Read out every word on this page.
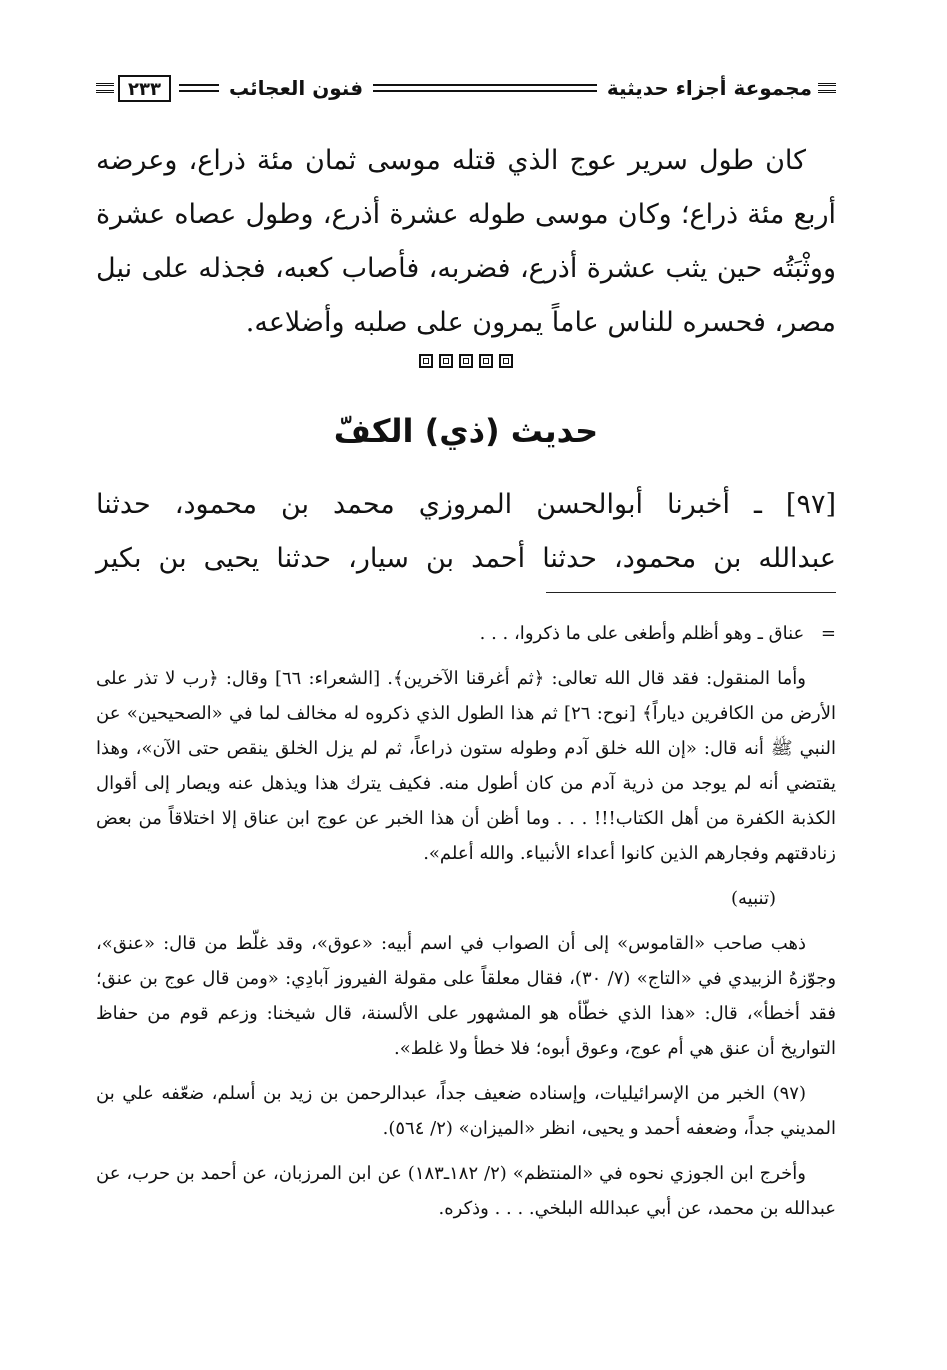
مجموعة أجزاء حديثية
فنون العجائب
٢٣٣

كان طول سرير عوج الذي قتله موسى ثمان مئة ذراع، وعرضه أربع مئة ذراع؛ وكان موسى طوله عشرة أذرع، وطول عصاه عشرة ووثْبَتُه حين يثب عشرة أذرع، فضربه، فأصاب كعبه، فجذله على نيل مصر، فحسره للناس عاماً يمرون على صلبه وأضلاعه.

حديث (ذي) الكفّ

[٩٧] ـ أخبرنا أبوالحسن المروزي محمد بن محمود، حدثنا

عبدالله بن محمود، حدثنا أحمد بن سيار، حدثنا يحيى بن بكير

= عناق ـ وهو أظلم وأطغى على ما ذكروا، . . .

وأما المنقول: فقد قال الله تعالى: ﴿ثم أغرقنا الآخرين﴾. [الشعراء: ٦٦] وقال: ﴿رب لا تذر على الأرض من الكافرين دياراً﴾ [نوح: ٢٦] ثم هذا الطول الذي ذكروه له مخالف لما في «الصحيحين» عن النبي ﷺ أنه قال: «إن الله خلق آدم وطوله ستون ذراعاً، ثم لم يزل الخلق ينقص حتى الآن»، وهذا يقتضي أنه لم يوجد من ذرية آدم من كان أطول منه. فكيف يترك هذا ويذهل عنه ويصار إلى أقوال الكذبة الكفرة من أهل الكتاب!!! . . . وما أظن أن هذا الخبر عن عوج ابن عناق إلا اختلاقاً من بعض زنادقتهم وفجارهم الذين كانوا أعداء الأنبياء. والله أعلم».

(تنبيه)

ذهب صاحب «القاموس» إلى أن الصواب في اسم أبيه: «عوق»، وقد غلّط من قال: «عنق»، وجوّزهُ الزبيدي في «التاج» (٧/ ٣٠)، فقال معلقاً على مقولة الفيروز آبادِي: «ومن قال عوج بن عنق؛ فقد أخطأ»، قال: «هذا الذي خطّأه هو المشهور على الألسنة، قال شيخنا: وزعم قوم من حفاظ التواريخ أن عنق هي أم عوج، وعوق أبوه؛ فلا خطأ ولا غلط».

(٩٧) الخبر من الإسرائيليات، وإسناده ضعيف جداً، عبدالرحمن بن زيد بن أسلم، ضعّفه علي بن المديني جداً، وضعفه أحمد و يحيى، انظر «الميزان» (٢/ ٥٦٤).

وأخرج ابن الجوزي نحوه في «المنتظم» (٢/ ١٨٢ـ١٨٣) عن ابن المرزبان، عن أحمد بن حرب، عن عبدالله بن محمد، عن أبي عبدالله البلخي. . . . وذكره.
